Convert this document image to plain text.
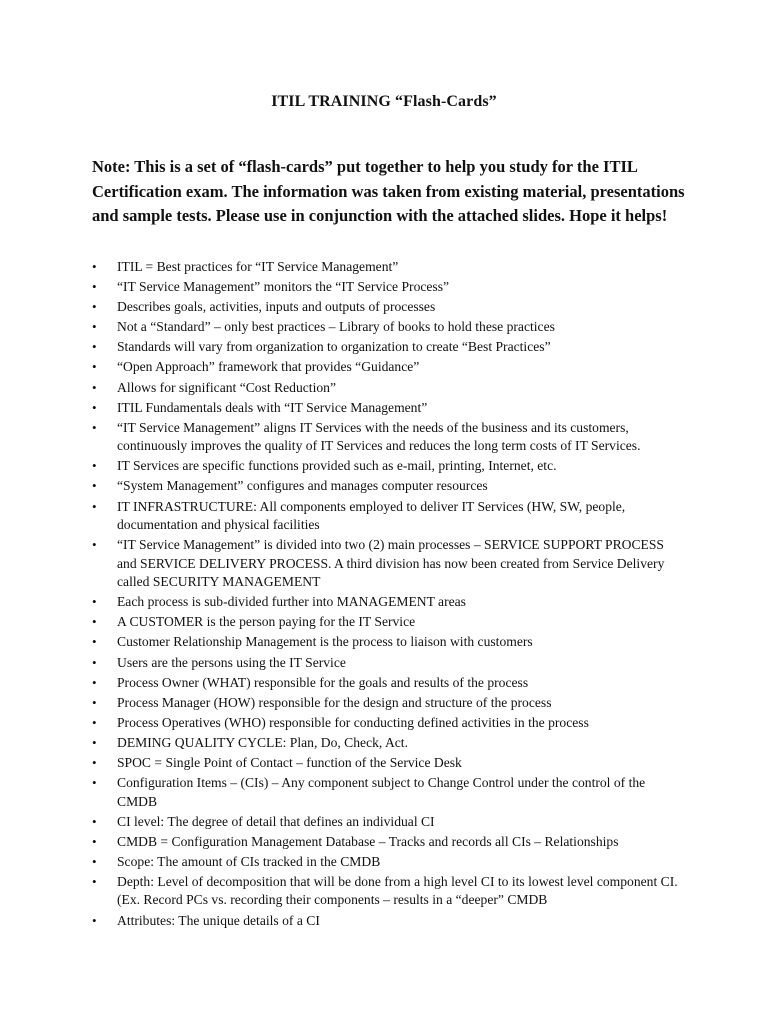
ITIL TRAINING “Flash-Cards”
Note: This is a set of “flash-cards” put together to help you study for the ITIL Certification exam. The information was taken from existing material, presentations and sample tests. Please use in conjunction with the attached slides. Hope it helps!
• ITIL = Best practices for “IT Service Management”
• “IT Service Management” monitors the “IT Service Process”
• Describes goals, activities, inputs and outputs of processes
• Not a “Standard” – only best practices – Library of books to hold these practices
• Standards will vary from organization to organization to create “Best Practices”
• “Open Approach” framework that provides “Guidance”
• Allows for significant “Cost Reduction”
• ITIL Fundamentals deals with “IT Service Management”
• “IT Service Management” aligns IT Services with the needs of the business and its customers, continuously improves the quality of IT Services and reduces the long term costs of IT Services.
• IT Services are specific functions provided such as e-mail, printing, Internet, etc.
• “System Management” configures and manages computer resources
• IT INFRASTRUCTURE: All components employed to deliver IT Services (HW, SW, people, documentation and physical facilities
• “IT Service Management” is divided into two (2) main processes – SERVICE SUPPORT PROCESS and SERVICE DELIVERY PROCESS. A third division has now been created from Service Delivery called SECURITY MANAGEMENT
• Each process is sub-divided further into MANAGEMENT areas
• A CUSTOMER is the person paying for the IT Service
• Customer Relationship Management is the process to liaison with customers
• Users are the persons using the IT Service
• Process Owner (WHAT) responsible for the goals and results of the process
• Process Manager (HOW) responsible for the design and structure of the process
• Process Operatives (WHO) responsible for conducting defined activities in the process
• DEMING QUALITY CYCLE: Plan, Do, Check, Act.
• SPOC = Single Point of Contact – function of the Service Desk
• Configuration Items – (CIs) – Any component subject to Change Control under the control of the CMDB
• CI level: The degree of detail that defines an individual CI
• CMDB = Configuration Management Database – Tracks and records all CIs – Relationships
• Scope: The amount of CIs tracked in the CMDB
• Depth: Level of decomposition that will be done from a high level CI to its lowest level component CI. (Ex. Record PCs vs. recording their components – results in a “deeper” CMDB
• Attributes: The unique details of a CI
